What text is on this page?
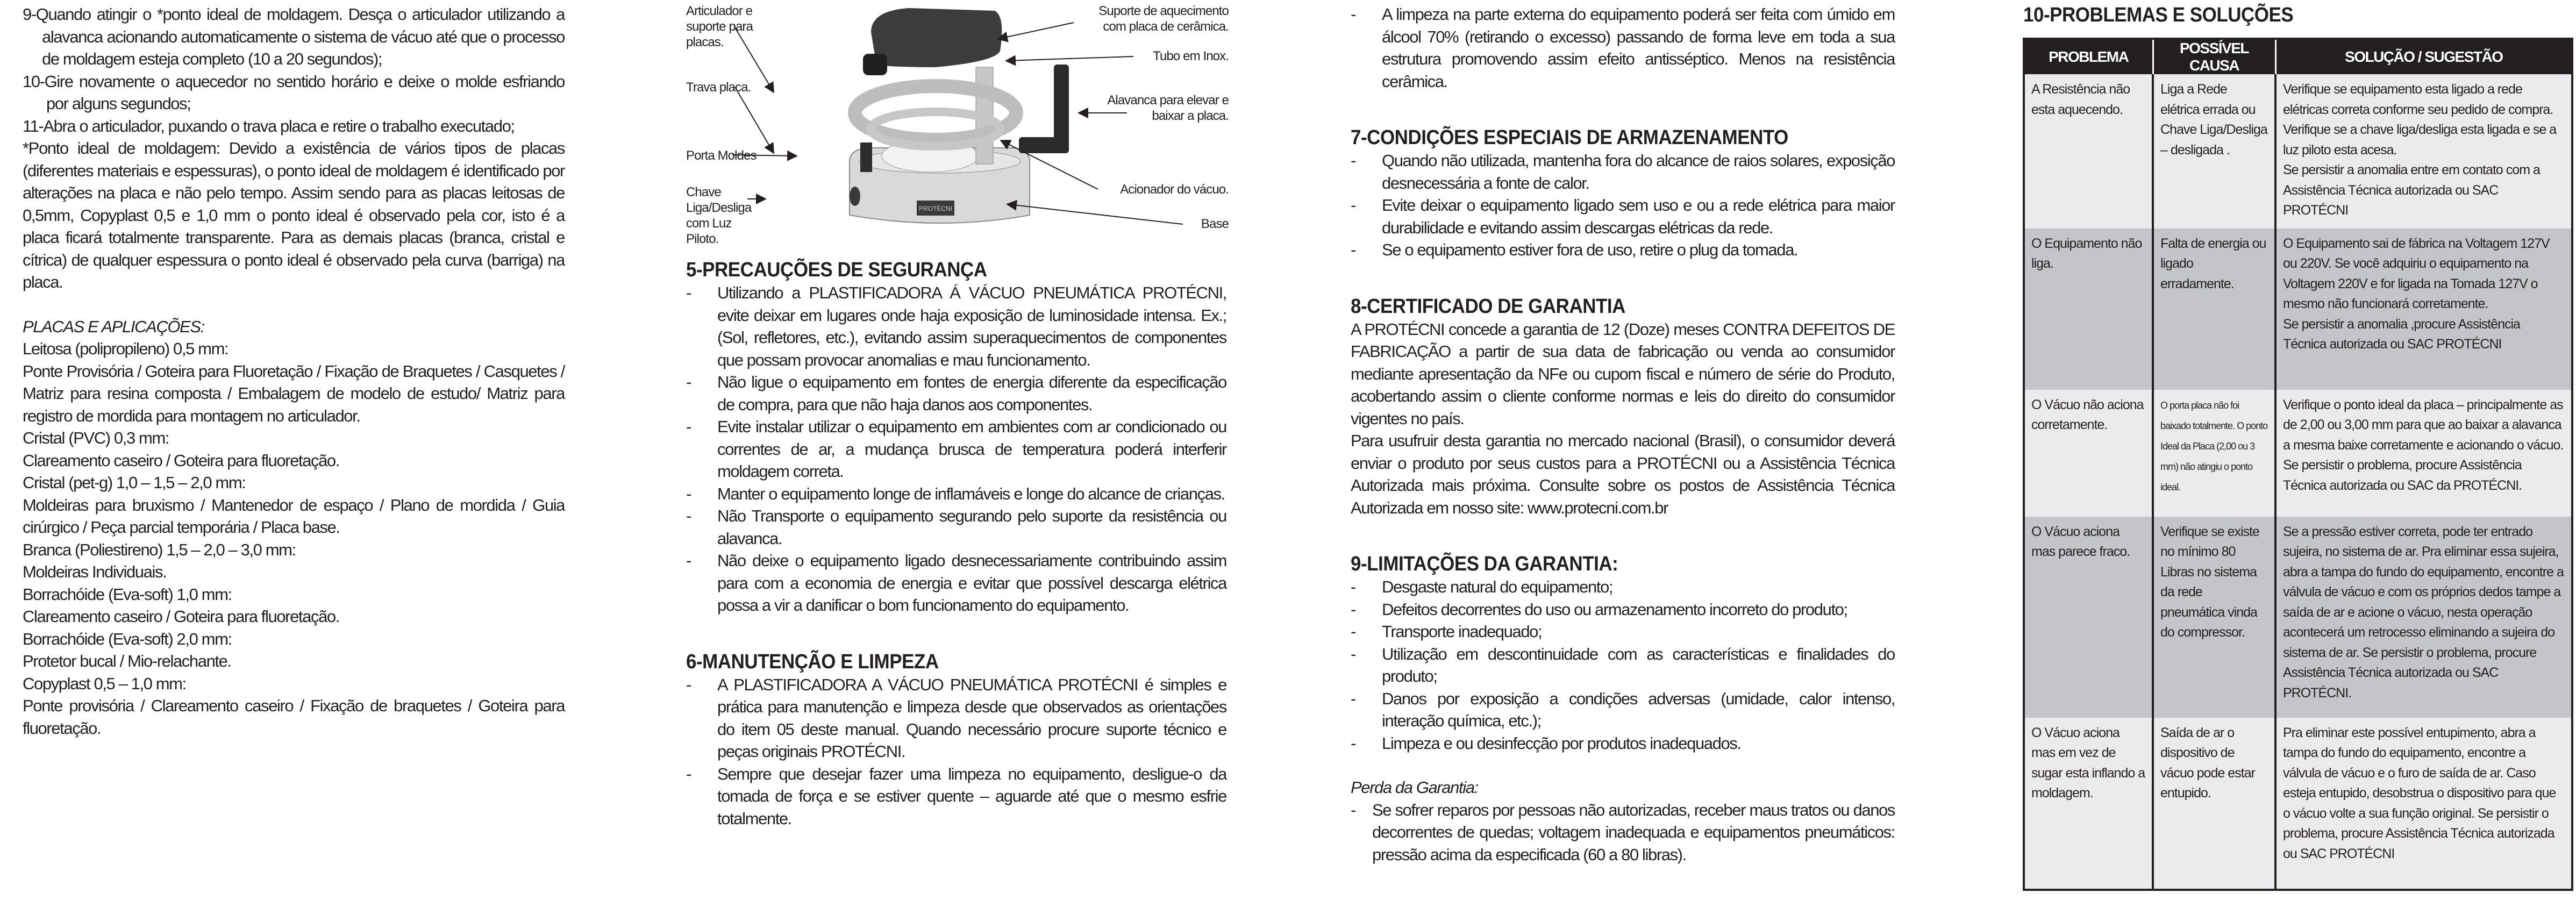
9-Quando atingir o *ponto ideal de moldagem. Desça o articulador utilizando a alavanca acionando automaticamente o sistema de vácuo até que o processo de moldagem esteja completo (10 a 20 segundos);

10-Gire novamente o aquecedor no sentido horário e deixe o molde esfriando por alguns segundos;

11-Abra o articulador, puxando o trava placa e retire o trabalho executado;

*Ponto ideal de moldagem: Devido a existência de vários tipos de placas (diferentes materiais e espessuras), o ponto ideal de moldagem é identificado por alterações na placa e não pelo tempo. Assim sendo para as placas leitosas de 0,5mm, Copyplast 0,5 e 1,0 mm o ponto ideal é observado pela cor, isto é a placa ficará totalmente transparente. Para as demais placas (branca, cristal e cítrica) de qualquer espessura o ponto ideal é observado pela curva (barriga) na placa.

PLACAS E APLICAÇÕES:

Leitosa (polipropileno) 0,5 mm:

Ponte Provisória / Goteira para Fluoretação / Fixação de Braquetes / Casquetes / Matriz para resina composta / Embalagem de modelo de estudo/ Matriz para registro de mordida para montagem no articulador.

Cristal (PVC) 0,3 mm:

Clareamento caseiro / Goteira para fluoretação.

Cristal (pet-g) 1,0 – 1,5 – 2,0 mm:

Moldeiras para bruxismo / Mantenedor de espaço / Plano de mordida / Guia cirúrgico / Peça parcial temporária / Placa base.

Branca (Poliestireno) 1,5 – 2,0 – 3,0 mm:

Moldeiras Individuais.

Borrachóide (Eva-soft) 1,0 mm:

Clareamento caseiro / Goteira para fluoretação.

Borrachóide (Eva-soft) 2,0 mm:

Protetor bucal / Mio-relachante.

Copyplast 0,5 – 1,0 mm:

Ponte provisória / Clareamento caseiro / Fixação de braquetes / Goteira para fluoretação.

PROTÉCNI
Articulador e suporte para placas.
Trava placa.
Porta Moldes
Chave Liga/Desliga com Luz Piloto.
Suporte de aquecimento com placa de cerâmica.
Tubo em Inox.
Alavanca para elevar e baixar a placa.
Acionador do vácuo.
Base
5-PRECAUÇÕES DE SEGURANÇA

- Utilizando a PLASTIFICADORA Á VÁCUO PNEUMÁTICA PROTÉCNI, evite deixar em lugares onde haja exposição de luminosidade intensa. Ex.; (Sol, refletores, etc.), evitando assim superaquecimentos de componentes que possam provocar anomalias e mau funcionamento.

- Não ligue o equipamento em fontes de energia diferente da especificação de compra, para que não haja danos aos componentes.

- Evite instalar utilizar o equipamento em ambientes com ar condicionado ou correntes de ar, a mudança brusca de temperatura poderá interferir moldagem correta.

- Manter o equipamento longe de inflamáveis e longe do alcance de crianças.

- Não Transporte o equipamento segurando pelo suporte da resistência ou alavanca.

- Não deixe o equipamento ligado desnecessariamente contribuindo assim para com a economia de energia e evitar que possível descarga elétrica possa a vir a danificar o bom funcionamento do equipamento.

6-MANUTENÇÃO E LIMPEZA

- A PLASTIFICADORA A VÁCUO PNEUMÁTICA PROTÉCNI é simples e prática para manutenção e limpeza desde que observados as orientações do item 05 deste manual. Quando necessário procure suporte técnico e peças originais PROTÉCNI.

- Sempre que desejar fazer uma limpeza no equipamento, desligue-o da tomada de força e se estiver quente – aguarde até que o mesmo esfrie totalmente.

- A limpeza na parte externa do equipamento poderá ser feita com úmido em álcool 70% (retirando o excesso) passando de forma leve em toda a sua estrutura promovendo assim efeito antisséptico. Menos na resistência cerâmica.

7-CONDIÇÕES ESPECIAIS DE ARMAZENAMENTO

- Quando não utilizada, mantenha fora do alcance de raios solares, exposição desnecessária a fonte de calor.

- Evite deixar o equipamento ligado sem uso e ou a rede elétrica para maior durabilidade e evitando assim descargas elétricas da rede.

- Se o equipamento estiver fora de uso, retire o plug da tomada.

8-CERTIFICADO DE GARANTIA

A PROTÉCNI concede a garantia de 12 (Doze) meses CONTRA DEFEITOS DE FABRICAÇÃO a partir de sua data de fabricação ou venda ao consumidor mediante apresentação da NFe ou cupom fiscal e número de série do Produto, acobertando assim o cliente conforme normas e leis do direito do consumidor vigentes no país.

Para usufruir desta garantia no mercado nacional (Brasil), o consumidor deverá enviar o produto por seus custos para a PROTÉCNI ou a Assistência Técnica Autorizada mais próxima. Consulte sobre os postos de Assistência Técnica Autorizada em nosso site: www.protecni.com.br

9-LIMITAÇÕES DA GARANTIA:

- Desgaste natural do equipamento;

- Defeitos decorrentes do uso ou armazenamento incorreto do produto;

- Transporte inadequado;

- Utilização em descontinuidade com as características e finalidades do produto;

- Danos por exposição a condições adversas (umidade, calor intenso, interação química, etc.);

- Limpeza e ou desinfecção por produtos inadequados.

Perda da Garantia:

- Se sofrer reparos por pessoas não autorizadas, receber maus tratos ou danos decorrentes de quedas; voltagem inadequada e equipamentos pneumáticos: pressão acima da especificada (60 a 80 libras).

10-PROBLEMAS E SOLUÇÕES
PROBLEMA	POSSÍVEL CAUSA	SOLUÇÃO / SUGESTÃO
A Resistência não esta aquecendo.	Liga a Rede elétrica errada ou Chave Liga/Desliga – desligada .	Verifique se equipamento esta ligado a rede elétricas correta conforme seu pedido de compra. Verifique se a chave liga/desliga esta ligada e se a luz piloto esta acesa.
Se persistir a anomalia entre em contato com a Assistência Técnica autorizada ou SAC PROTÉCNI

O Equipamento não liga.	Falta de energia ou ligado erradamente.	O Equipamento sai de fábrica na Voltagem 127V ou 220V. Se você adquiriu o equipamento na Voltagem 220V e for ligada na Tomada 127V o mesmo não funcionará corretamente.
Se persistir a anomalia ,procure Assistência Técnica autorizada ou SAC PROTÉCNI

O Vácuo não aciona corretamente.	O porta placa não foi baixado totalmente. O ponto Ideal da Placa (2,00 ou 3 mm) não atingiu o ponto ideal.	Verifique o ponto ideal da placa – principalmente as de 2,00 ou 3,00 mm para que ao baixar a alavanca a mesma baixe corretamente e acionando o vácuo. Se persistir o problema, procure Assistência Técnica autorizada ou SAC da PROTÉCNI.
O Vácuo aciona mas parece fraco.	Verifique se existe no mínimo 80 Libras no sistema da rede pneumática vinda do compressor.	Se a pressão estiver correta, pode ter entrado sujeira, no sistema de ar. Pra eliminar essa sujeira, abra a tampa do fundo do equipamento, encontre a válvula de vácuo e com os próprios dedos tampe a saída de ar e acione o vácuo, nesta operação acontecerá um retrocesso eliminando a sujeira do sistema de ar. Se persistir o problema, procure Assistência Técnica autorizada ou SAC PROTÉCNI.
O Vácuo aciona mas em vez de sugar esta inflando a moldagem.	Saída de ar o dispositivo de vácuo pode estar entupido.	Pra eliminar este possível entupimento, abra a tampa do fundo do equipamento, encontre a válvula de vácuo e o furo de saída de ar. Caso esteja entupido, desobstrua o dispositivo para que o vácuo volte a sua função original. Se persistir o problema, procure Assistência Técnica autorizada ou SAC PROTÉCNI
